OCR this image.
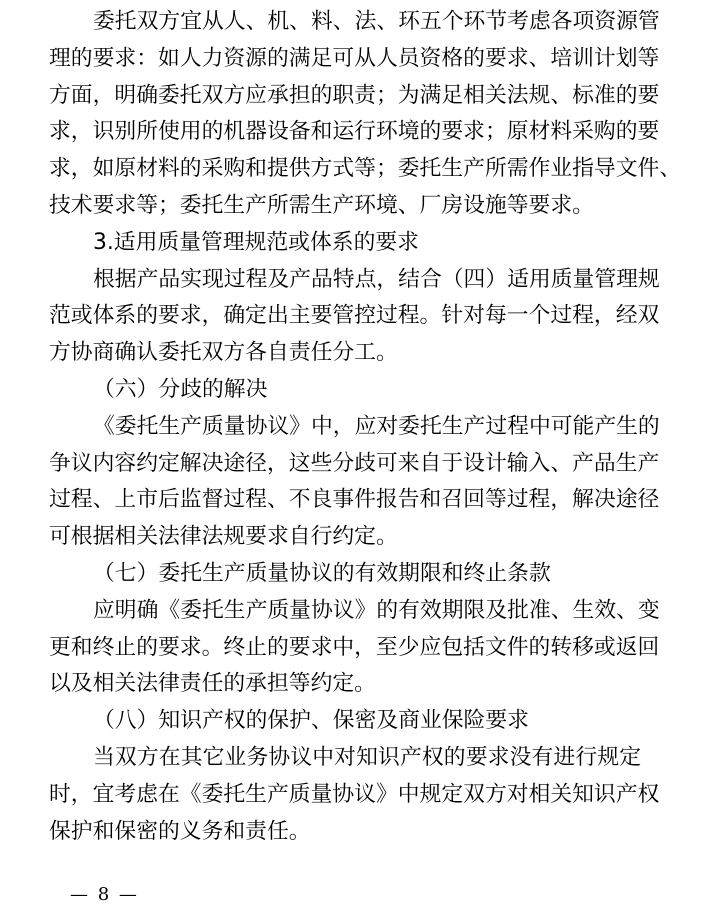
委托双方宜从人、机、料、法、环五个环节考虑各项资源管
理的要求：如人力资源的满足可从人员资格的要求、培训计划等
方面，明确委托双方应承担的职责；为满足相关法规、标准的要
求，识别所使用的机器设备和运行环境的要求；原材料采购的要
求，如原材料的采购和提供方式等；委托生产所需作业指导文件、
技术要求等；委托生产所需生产环境、厂房设施等要求。
3.适用质量管理规范或体系的要求
根据产品实现过程及产品特点，结合（四）适用质量管理规
范或体系的要求，确定出主要管控过程。针对每一个过程，经双
方协商确认委托双方各自责任分工。
（六）分歧的解决
《委托生产质量协议》中，应对委托生产过程中可能产生的
争议内容约定解决途径，这些分歧可来自于设计输入、产品生产
过程、上市后监督过程、不良事件报告和召回等过程，解决途径
可根据相关法律法规要求自行约定。
（七）委托生产质量协议的有效期限和终止条款
应明确《委托生产质量协议》的有效期限及批准、生效、变
更和终止的要求。终止的要求中，至少应包括文件的转移或返回
以及相关法律责任的承担等约定。
（八）知识产权的保护、保密及商业保险要求
当双方在其它业务协议中对知识产权的要求没有进行规定
时，宜考虑在《委托生产质量协议》中规定双方对相关知识产权
保护和保密的义务和责任。
— 8 —
